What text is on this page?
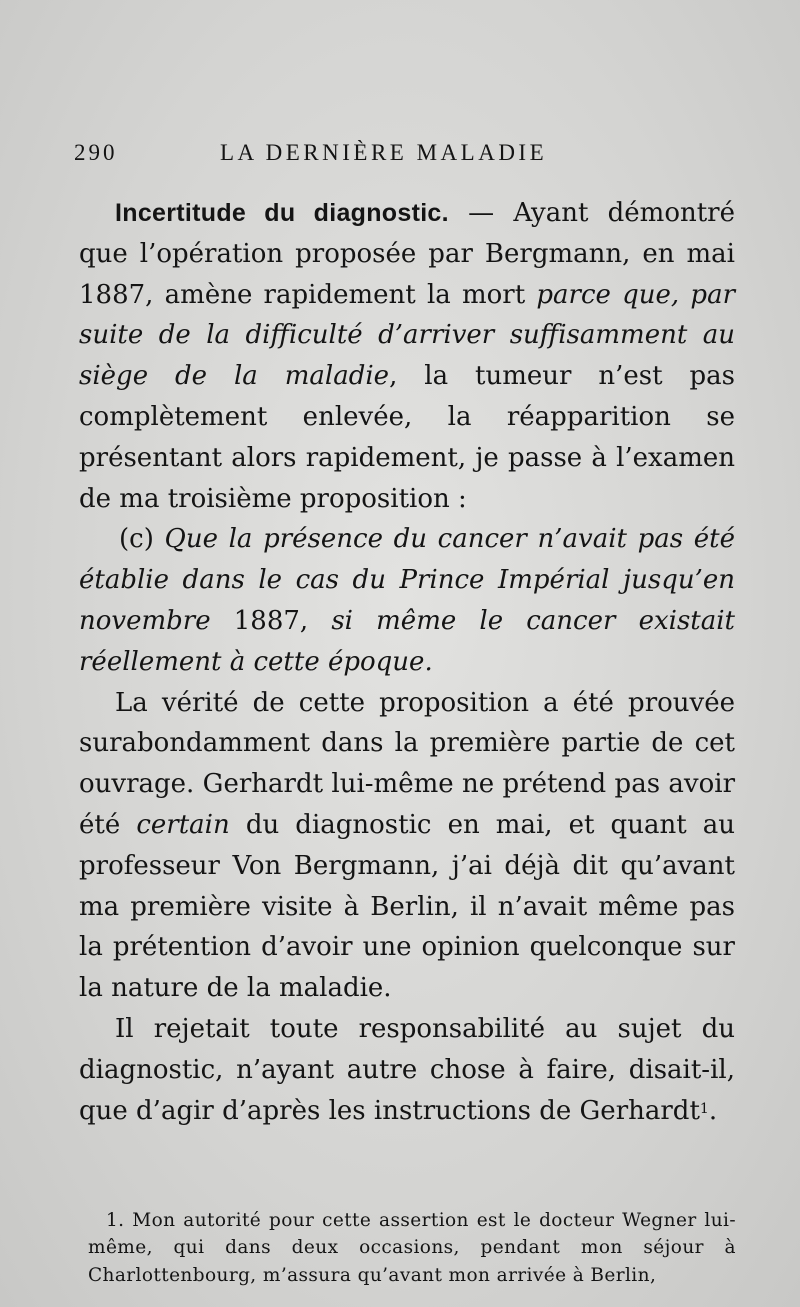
290	LA DERNIÈRE MALADIE

Incertitude du diagnostic. — Ayant démontré que l’opération proposée par Bergmann, en mai 1887, amène rapidement la mort parce que, par suite de la difficulté d’arriver suffisamment au siège de la maladie, la tumeur n’est pas complètement enlevée, la réapparition se présentant alors rapidement, je passe à l’examen de ma troisième proposition :

(c) Que la présence du cancer n’avait pas été établie dans le cas du Prince Impérial jusqu’en novembre 1887, si même le cancer existait réellement à cette époque.

La vérité de cette proposition a été prouvée surabondamment dans la première partie de cet ouvrage. Gerhardt lui-même ne prétend pas avoir été certain du diagnostic en mai, et quant au professeur Von Bergmann, j’ai déjà dit qu’avant ma première visite à Berlin, il n’avait même pas la prétention d’avoir une opinion quelconque sur la nature de la maladie.

Il rejetait toute responsabilité au sujet du diagnostic, n’ayant autre chose à faire, disait-il, que d’agir d’après les instructions de Gerhardt$^1$.

1. Mon autorité pour cette assertion est le docteur Wegner lui-même, qui dans deux occasions, pendant mon séjour à Charlottenbourg, m’assura qu’avant mon arrivée à Berlin,
